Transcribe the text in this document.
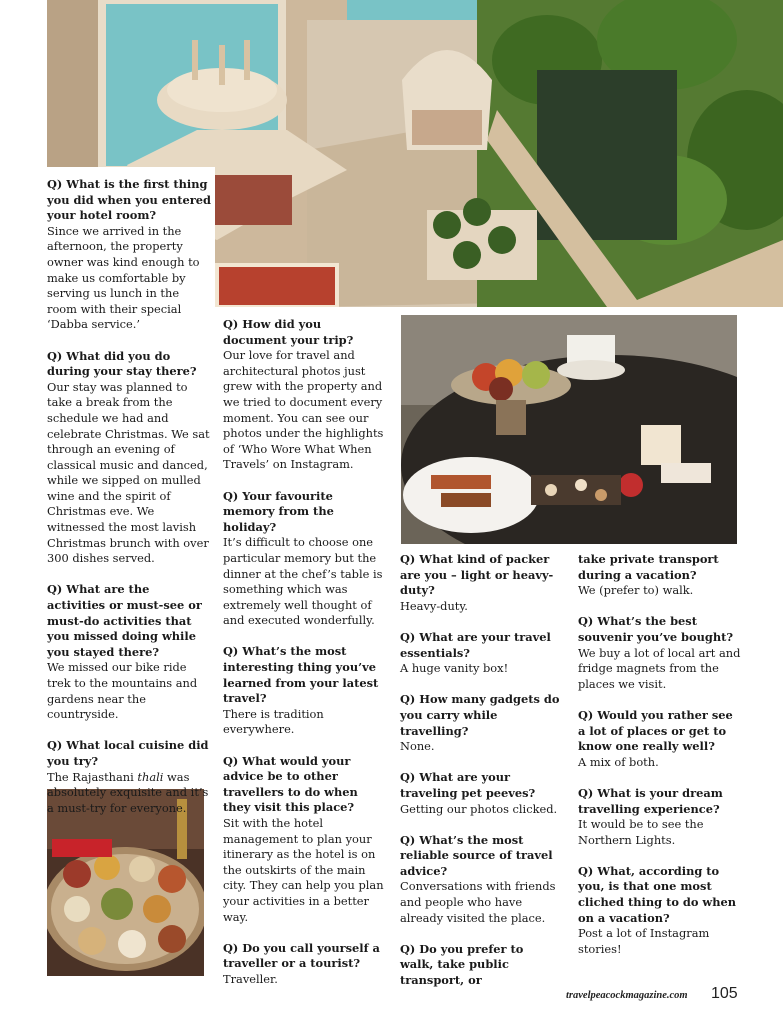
Q) What is the first thing you did when you entered your hotel room?
Since we arrived in the afternoon, the property owner was kind enough to make us comfortable by serving us lunch in the room with their special ‘Dabba service.’
Q) What did you do during your stay there?
Our stay was planned to take a break from the schedule we had and celebrate Christmas. We sat through an evening of classical music and danced, while we sipped on mulled wine and the spirit of Christmas eve. We witnessed the most lavish Christmas brunch with over 300 dishes served.
Q) What are the activities or must-see or must-do activities that you missed doing while you stayed there?
We missed our bike ride trek to the mountains and gardens near the countryside.
Q) What local cuisine did you try?
The Rajasthani thali was absolutely exquisite and it’s a must-try for everyone.
Q) How did you document your trip?
Our love for travel and architectural photos just grew with the property and we tried to document every moment. You can see our photos under the highlights of ‘Who Wore What When Travels’ on Instagram.
Q) Your favourite memory from the holiday?
It’s difficult to choose one particular memory but the dinner at the chef’s table is something which was extremely well thought of and executed wonderfully.
Q) What’s the most interesting thing you’ve learned from your latest travel?
There is tradition everywhere.
Q) What would your advice be to other travellers to do when they visit this place?
Sit with the hotel management to plan your itinerary as the hotel is on the outskirts of the main city. They can help you plan your activities in a better way.
Q) Do you call yourself a traveller or a tourist?
Traveller.
Q) What kind of packer are you – light or heavy-duty?
Heavy-duty.
Q) What are your travel essentials?
A huge vanity box!
Q) How many gadgets do you carry while travelling?
None.
Q) What are your traveling pet peeves?
Getting our photos clicked.
Q) What’s the most reliable source of travel advice?
Conversations with friends and people who have already visited the place.
Q) Do you prefer to walk, take public transport, or
take private transport during a vacation?
We (prefer to) walk.
Q) What’s the best souvenir you’ve bought?
We buy a lot of local art and fridge magnets from the places we visit.
Q) Would you rather see a lot of places or get to know one really well?
A mix of both.
Q) What is your dream travelling experience?
It would be to see the Northern Lights.
Q) What, according to you, is that one most cliched thing to do when on a vacation?
Post a lot of Instagram stories!
travelpeacockmagazine.com 105
